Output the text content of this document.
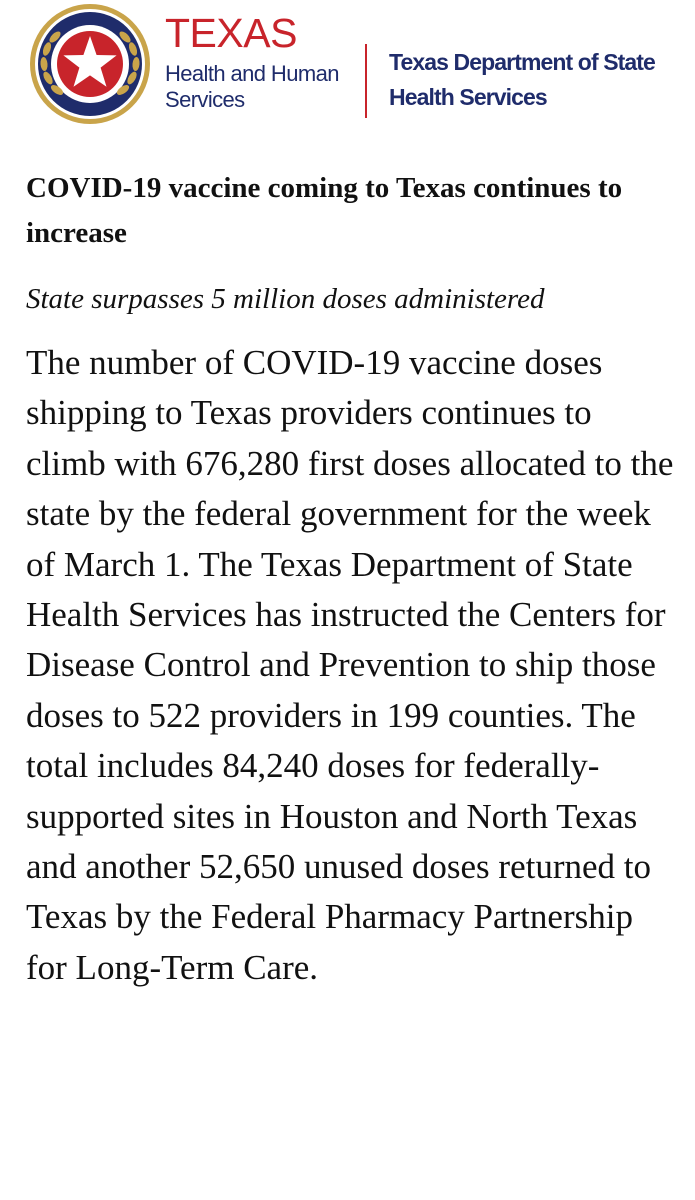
TEXAS
Health and Human
Services
Texas Department of State
Health Services
COVID-19 vaccine coming to Texas continues to increase

State surpasses 5 million doses administered

The number of COVID-19 vaccine doses shipping to Texas providers continues to climb with 676,280 first doses allocated to the state by the federal government for the week of March 1. The Texas Department of State Health Services has instructed the Centers for Disease Control and Prevention to ship those doses to 522 providers in 199 counties. The total includes 84,240 doses for federally-supported sites in Houston and North Texas and another 52,650 unused doses returned to Texas by the Federal Pharmacy Partnership for Long-Term Care.
